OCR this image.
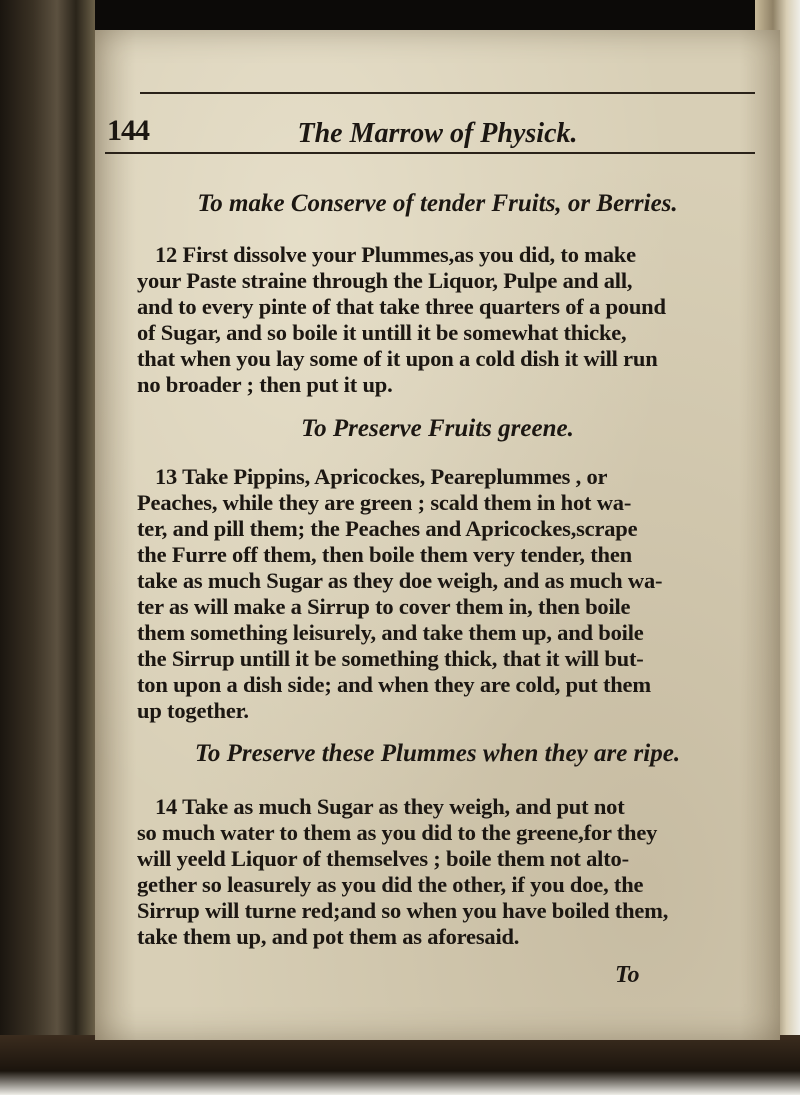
144	The Marrow of Physick.
To make Conserve of tender Fruits, or Berries.

12 First dissolve your Plummes,as you did, to make
your Paste straine through the Liquor, Pulpe and all,
and to every pinte of that take three quarters of a pound
of Sugar, and so boile it untill it be somewhat thicke,
that when you lay some of it upon a cold dish it will run
no broader ; then put it up.

To Preserve Fruits greene.

13 Take Pippins, Apricockes, Peareplummes , or
Peaches, while they are green ; scald them in hot wa-
ter, and pill them; the Peaches and Apricockes,scrape
the Furre off them, then boile them very tender, then
take as much Sugar as they doe weigh, and as much wa-
ter as will make a Sirrup to cover them in, then boile
them something leisurely, and take them up, and boile
the Sirrup untill it be something thick, that it will but-
ton upon a dish side; and when they are cold, put them
up together.

To Preserve these Plummes when they are ripe.

14 Take as much Sugar as they weigh, and put not
so much water to them as you did to the greene,for they
will yeeld Liquor of themselves ; boile them not alto-
gether so leasurely as you did the other, if you doe, the
Sirrup will turne red;and so when you have boiled them,
take them up, and pot them as aforesaid.

To
